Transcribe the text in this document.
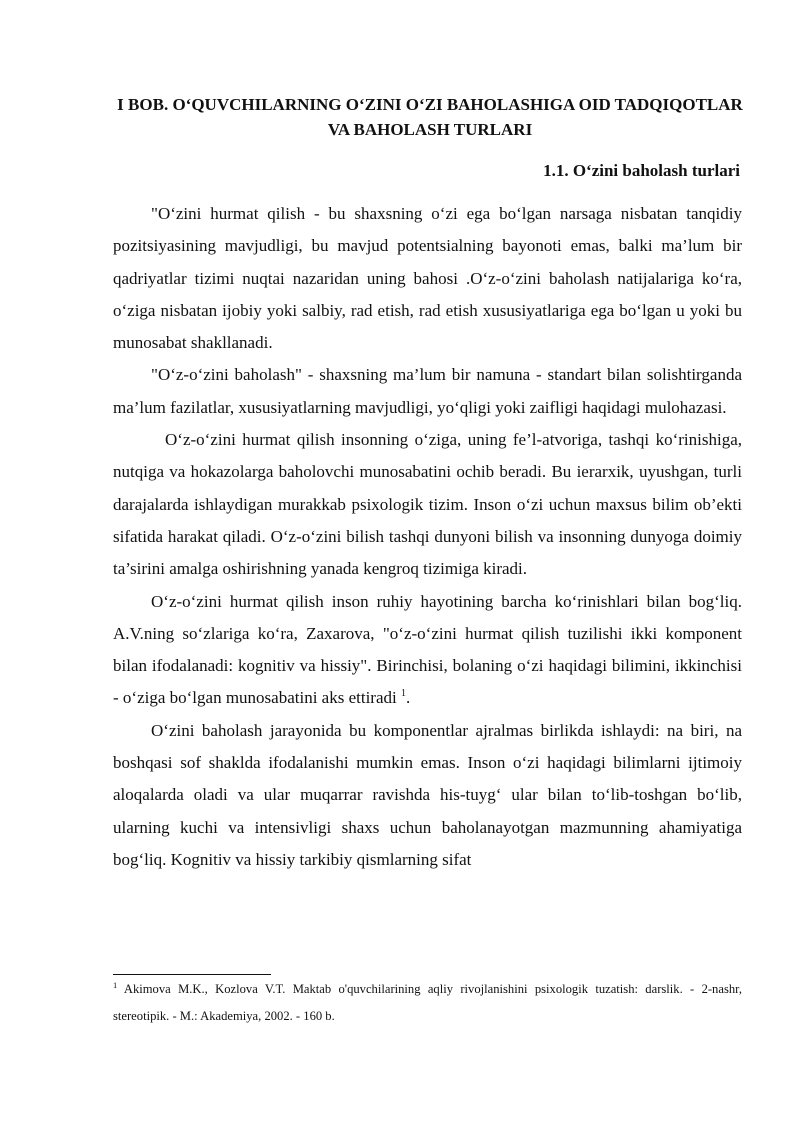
I BOB. O‘QUVCHILARNING O‘ZINI O‘ZI BAHOLASHIGA OID TADQIQOTLAR VA BAHOLASH TURLARI
1.1. O‘zini baholash turlari

"O‘zini hurmat qilish - bu shaxsning o‘zi ega bo‘lgan narsaga nisbatan tanqidiy pozitsiyasining mavjudligi, bu mavjud potentsialning bayonoti emas, balki ma’lum bir qadriyatlar tizimi nuqtai nazaridan uning bahosi .O‘z-o‘zini baholash natijalariga ko‘ra, o‘ziga nisbatan ijobiy yoki salbiy, rad etish, rad etish xususiyatlariga ega bo‘lgan u yoki bu munosabat shakllanadi.

"O‘z-o‘zini baholash" - shaxsning ma’lum bir namuna - standart bilan solishtirganda ma’lum fazilatlar, xususiyatlarning mavjudligi, yo‘qligi yoki zaifligi haqidagi mulohazasi.

O‘z-o‘zini hurmat qilish insonning o‘ziga, uning fe’l-atvoriga, tashqi ko‘rinishiga, nutqiga va hokazolarga baholovchi munosabatini ochib beradi. Bu ierarxik, uyushgan, turli darajalarda ishlaydigan murakkab psixologik tizim. Inson o‘zi uchun maxsus bilim ob’ekti sifatida harakat qiladi. O‘z-o‘zini bilish tashqi dunyoni bilish va insonning dunyoga doimiy ta’sirini amalga oshirishning yanada kengroq tizimiga kiradi.

O‘z-o‘zini hurmat qilish inson ruhiy hayotining barcha ko‘rinishlari bilan bog‘liq. A.V.ning so‘zlariga ko‘ra, Zaxarova, "o‘z-o‘zini hurmat qilish tuzilishi ikki komponent bilan ifodalanadi: kognitiv va hissiy". Birinchisi, bolaning o‘zi haqidagi bilimini, ikkinchisi - o‘ziga bo‘lgan munosabatini aks ettiradi $^1$.

O‘zini baholash jarayonida bu komponentlar ajralmas birlikda ishlaydi: na biri, na boshqasi sof shaklda ifodalanishi mumkin emas. Inson o‘zi haqidagi bilimlarni ijtimoiy aloqalarda oladi va ular muqarrar ravishda his-tuyg‘ ular bilan to‘lib-toshgan bo‘lib, ularning kuchi va intensivligi shaxs uchun baholanayotgan mazmunning ahamiyatiga bog‘liq. Kognitiv va hissiy tarkibiy qismlarning sifat

$^1$ Akimova M.K., Kozlova V.T. Maktab o'quvchilarining aqliy rivojlanishini psixologik tuzatish: darslik. - 2-nashr, stereotipik. - M.: Akademiya, 2002. - 160 b.
